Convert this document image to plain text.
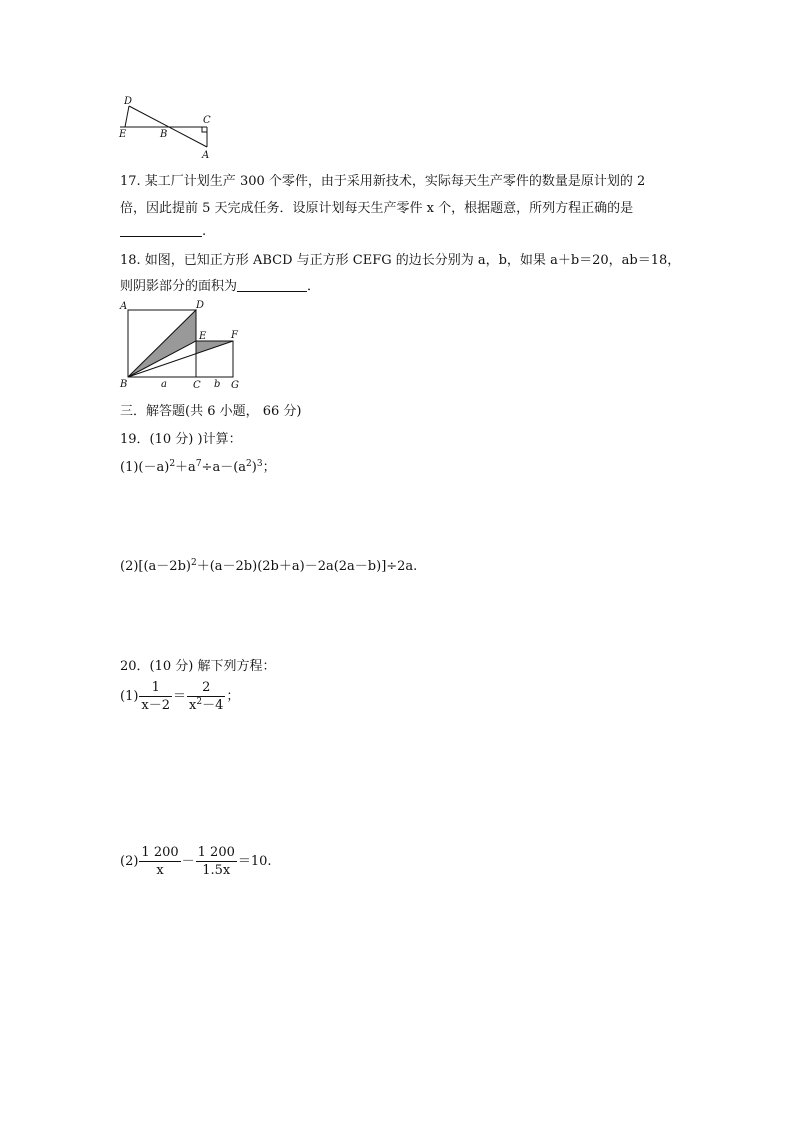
D
E	B
C
A
17. 某工厂计划生产 300 个零件，由于采用新技术，实际每天生产零件的数量是原计划的 2
倍，因此提前 5 天完成任务．设原计划每天生产零件 x 个，根据题意，所列方程正确的是
.
18. 如图，已知正方形 ABCD 与正方形 CEFG 的边长分别为 a，b，如果 a＋b＝20，ab＝18，
则阴影部分的面积为	．
A	D
E F
B	a	C b G
三．解答题(共 6 小题， 66 分)
19．(10 分) )计算：
$(1)(-a)^2+a^7\div a-(a^2)^3$；
$(2)[(a-2b)^2+(a-2b)(2b+a)-2a(2a-b)]\div 2a$.
20．(10 分) 解下列方程：
$(1) \frac{1}{x-2} = \frac{2}{x^2-4}$ ；
$(2) \frac{1 200}{x} - \frac{1 200}{1.5x} =10$.
